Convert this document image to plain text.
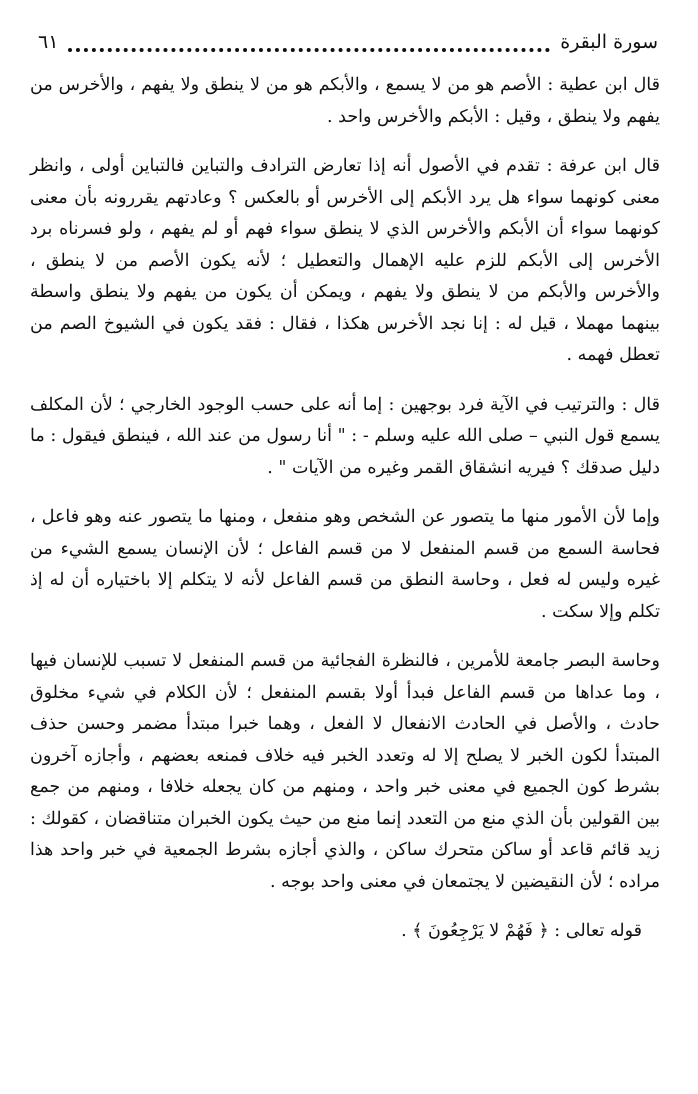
سورة البقرة
٦١

قال ابن عطية : الأصم هو من لا يسمع ، والأبكم هو من لا ينطق ولا يفهم ، والأخرس من يفهم ولا ينطق ، وقيل : الأبكم والأخرس واحد .

قال ابن عرفة : تقدم في الأصول أنه إذا تعارض الترادف والتباين فالتباين أولى ، وانظر معنى كونهما سواء هل يرد الأبكم إلى الأخرس أو بالعكس ؟ وعادتهم يقررونه بأن معنى كونهما سواء أن الأبكم والأخرس الذي لا ينطق سواء فهم أو لم يفهم ، ولو فسرناه برد الأخرس إلى الأبكم للزم عليه الإهمال والتعطيل ؛ لأنه يكون الأصم من لا ينطق ، والأخرس والأبكم من لا ينطق ولا يفهم ، ويمكن أن يكون من يفهم ولا ينطق واسطة بينهما مهملا ، قيل له : إنا نجد الأخرس هكذا ، فقال : فقد يكون في الشيوخ الصم من تعطل فهمه .

قال : والترتيب في الآية فرد بوجهين : إما أنه على حسب الوجود الخارجي ؛ لأن المكلف يسمع قول النبي – صلى الله عليه وسلم - : " أنا رسول من عند الله ، فينطق فيقول : ما دليل صدقك ؟ فيريه انشقاق القمر وغيره من الآيات " .

وإما لأن الأمور منها ما يتصور عن الشخص وهو منفعل ، ومنها ما يتصور عنه وهو فاعل ، فحاسة السمع من قسم المنفعل لا من قسم الفاعل ؛ لأن الإنسان يسمع الشيء من غيره وليس له فعل ، وحاسة النطق من قسم الفاعل لأنه لا يتكلم إلا باختياره أن له إذ تكلم وإلا سكت .

وحاسة البصر جامعة للأمرين ، فالنظرة الفجائية من قسم المنفعل لا تسبب للإنسان فيها ، وما عداها من قسم الفاعل فبدأ أولا بقسم المنفعل ؛ لأن الكلام في شيء مخلوق حادث ، والأصل في الحادث الانفعال لا الفعل ، وهما خبرا مبتدأ مضمر وحسن حذف المبتدأ لكون الخبر لا يصلح إلا له وتعدد الخبر فيه خلاف فمنعه بعضهم ، وأجازه آخرون بشرط كون الجميع في معنى خبر واحد ، ومنهم من كان يجعله خلافا ، ومنهم من جمع بين القولين بأن الذي منع من التعدد إنما منع من حيث يكون الخبران متناقضان ، كقولك : زيد قائم قاعد أو ساكن متحرك ساكن ، والذي أجازه بشرط الجمعية في خبر واحد هذا مراده ؛ لأن النقيضين لا يجتمعان في معنى واحد بوجه .

قوله تعالى : ﴿ فَهُمْ لا يَرْجِعُونَ ﴾ .
